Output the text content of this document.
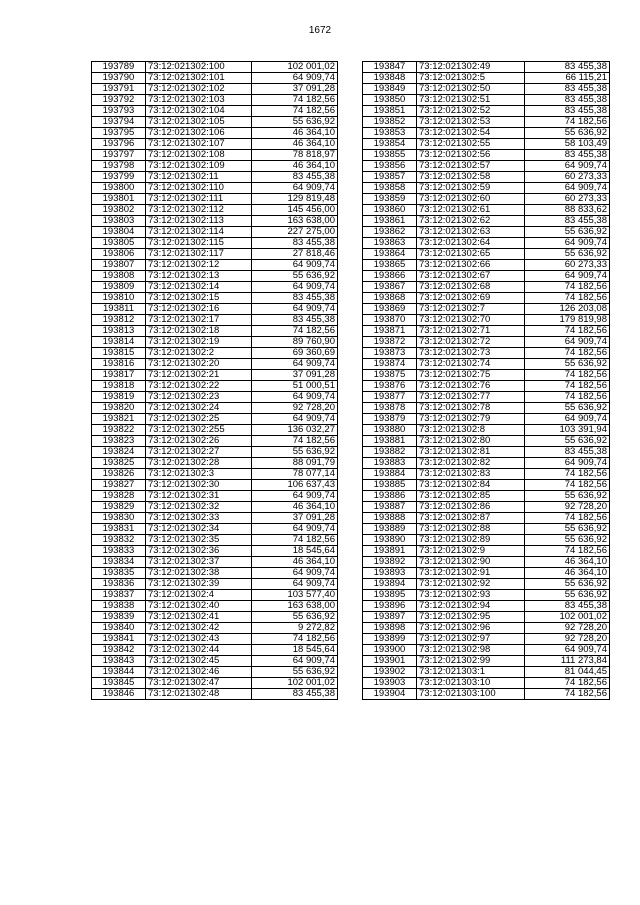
1672
193789	73:12:021302:100	102 001,02
193790	73:12:021302:101	64 909,74
193791	73:12:021302:102	37 091,28
193792	73:12:021302:103	74 182,56
193793	73:12:021302:104	74 182,56
193794	73:12:021302:105	55 636,92
193795	73:12:021302:106	46 364,10
193796	73:12:021302:107	46 364,10
193797	73:12:021302:108	78 818,97
193798	73:12:021302:109	46 364,10
193799	73:12:021302:11	83 455,38
193800	73:12:021302:110	64 909,74
193801	73:12:021302:111	129 819,48
193802	73:12:021302:112	145 456,00
193803	73:12:021302:113	163 638,00
193804	73:12:021302:114	227 275,00
193805	73:12:021302:115	83 455,38
193806	73:12:021302:117	27 818,46
193807	73:12:021302:12	64 909,74
193808	73:12:021302:13	55 636,92
193809	73:12:021302:14	64 909,74
193810	73:12:021302:15	83 455,38
193811	73:12:021302:16	64 909,74
193812	73:12:021302:17	83 455,38
193813	73:12:021302:18	74 182,56
193814	73:12:021302:19	89 760,90
193815	73:12:021302:2	69 360,69
193816	73:12:021302:20	64 909,74
193817	73:12:021302:21	37 091,28
193818	73:12:021302:22	51 000,51
193819	73:12:021302:23	64 909,74
193820	73:12:021302:24	92 728,20
193821	73:12:021302:25	64 909,74
193822	73:12:021302:255	136 032,27
193823	73:12:021302:26	74 182,56
193824	73:12:021302:27	55 636,92
193825	73:12:021302:28	88 091,79
193826	73:12:021302:3	78 077,14
193827	73:12:021302:30	106 637,43
193828	73:12:021302:31	64 909,74
193829	73:12:021302:32	46 364,10
193830	73:12:021302:33	37 091,28
193831	73:12:021302:34	64 909,74
193832	73:12:021302:35	74 182,56
193833	73:12:021302:36	18 545,64
193834	73:12:021302:37	46 364,10
193835	73:12:021302:38	64 909,74
193836	73:12:021302:39	64 909,74
193837	73:12:021302:4	103 577,40
193838	73:12:021302:40	163 638,00
193839	73:12:021302:41	55 636,92
193840	73:12:021302:42	9 272,82
193841	73:12:021302:43	74 182,56
193842	73:12:021302:44	18 545,64
193843	73:12:021302:45	64 909,74
193844	73:12:021302:46	55 636,92
193845	73:12:021302:47	102 001,02
193846	73:12:021302:48	83 455,38
193847	73:12:021302:49	83 455,38
193848	73:12:021302:5	66 115,21
193849	73:12:021302:50	83 455,38
193850	73:12:021302:51	83 455,38
193851	73:12:021302:52	83 455,38
193852	73:12:021302:53	74 182,56
193853	73:12:021302:54	55 636,92
193854	73:12:021302:55	58 103,49
193855	73:12:021302:56	83 455,38
193856	73:12:021302:57	64 909,74
193857	73:12:021302:58	60 273,33
193858	73:12:021302:59	64 909,74
193859	73:12:021302:60	60 273,33
193860	73:12:021302:61	88 833,62
193861	73:12:021302:62	83 455,38
193862	73:12:021302:63	55 636,92
193863	73:12:021302:64	64 909,74
193864	73:12:021302:65	55 636,92
193865	73:12:021302:66	60 273,33
193866	73:12:021302:67	64 909,74
193867	73:12:021302:68	74 182,56
193868	73:12:021302:69	74 182,56
193869	73:12:021302:7	126 203,08
193870	73:12:021302:70	179 819,98
193871	73:12:021302:71	74 182,56
193872	73:12:021302:72	64 909,74
193873	73:12:021302:73	74 182,56
193874	73:12:021302:74	55 636,92
193875	73:12:021302:75	74 182,56
193876	73:12:021302:76	74 182,56
193877	73:12:021302:77	74 182,56
193878	73:12:021302:78	55 636,92
193879	73:12:021302:79	64 909,74
193880	73:12:021302:8	103 391,94
193881	73:12:021302:80	55 636,92
193882	73:12:021302:81	83 455,38
193883	73:12:021302:82	64 909,74
193884	73:12:021302:83	74 182,56
193885	73:12:021302:84	74 182,56
193886	73:12:021302:85	55 636,92
193887	73:12:021302:86	92 728,20
193888	73:12:021302:87	74 182,56
193889	73:12:021302:88	55 636,92
193890	73:12:021302:89	55 636,92
193891	73:12:021302:9	74 182,56
193892	73:12:021302:90	46 364,10
193893	73:12:021302:91	46 364,10
193894	73:12:021302:92	55 636,92
193895	73:12:021302:93	55 636,92
193896	73:12:021302:94	83 455,38
193897	73:12:021302:95	102 001,02
193898	73:12:021302:96	92 728,20
193899	73:12:021302:97	92 728,20
193900	73:12:021302:98	64 909,74
193901	73:12:021302:99	111 273,84
193902	73:12:021303:1	81 044,45
193903	73:12:021303:10	74 182,56
193904	73:12:021303:100	74 182,56
